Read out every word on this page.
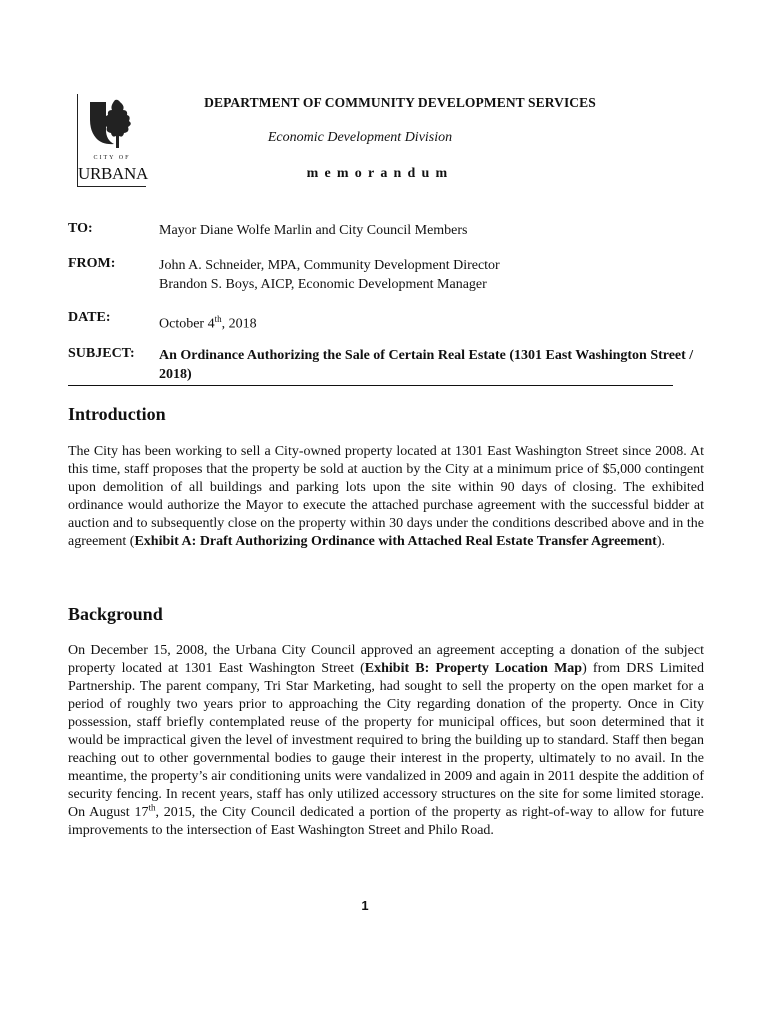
CITY OF
URBANA
DEPARTMENT OF COMMUNITY DEVELOPMENT SERVICES
Economic Development Division
memorandum
TO:	Mayor Diane Wolfe Marlin and City Council Members
FROM:	John A. Schneider, MPA, Community Development Director
Brandon S. Boys, AICP, Economic Development Manager
DATE:	October 4th, 2018
SUBJECT: An Ordinance Authorizing the Sale of Certain Real Estate (1301 East Washington Street / 2018)
Introduction

The City has been working to sell a City-owned property located at 1301 East Washington Street since 2008. At this time, staff proposes that the property be sold at auction by the City at a minimum price of $5,000 contingent upon demolition of all buildings and parking lots upon the site within 90 days of closing. The exhibited ordinance would authorize the Mayor to execute the attached purchase agreement with the successful bidder at auction and to subsequently close on the property within 30 days under the conditions described above and in the agreement (Exhibit A: Draft Authorizing Ordinance with Attached Real Estate Transfer Agreement).

Background

On December 15, 2008, the Urbana City Council approved an agreement accepting a donation of the subject property located at 1301 East Washington Street (Exhibit B: Property Location Map) from DRS Limited Partnership. The parent company, Tri Star Marketing, had sought to sell the property on the open market for a period of roughly two years prior to approaching the City regarding donation of the property. Once in City possession, staff briefly contemplated reuse of the property for municipal offices, but soon determined that it would be impractical given the level of investment required to bring the building up to standard. Staff then began reaching out to other governmental bodies to gauge their interest in the property, ultimately to no avail. In the meantime, the property’s air conditioning units were vandalized in 2009 and again in 2011 despite the addition of security fencing. In recent years, staff has only utilized accessory structures on the site for some limited storage. On August 17th, 2015, the City Council dedicated a portion of the property as right-of-way to allow for future improvements to the intersection of East Washington Street and Philo Road.

1
